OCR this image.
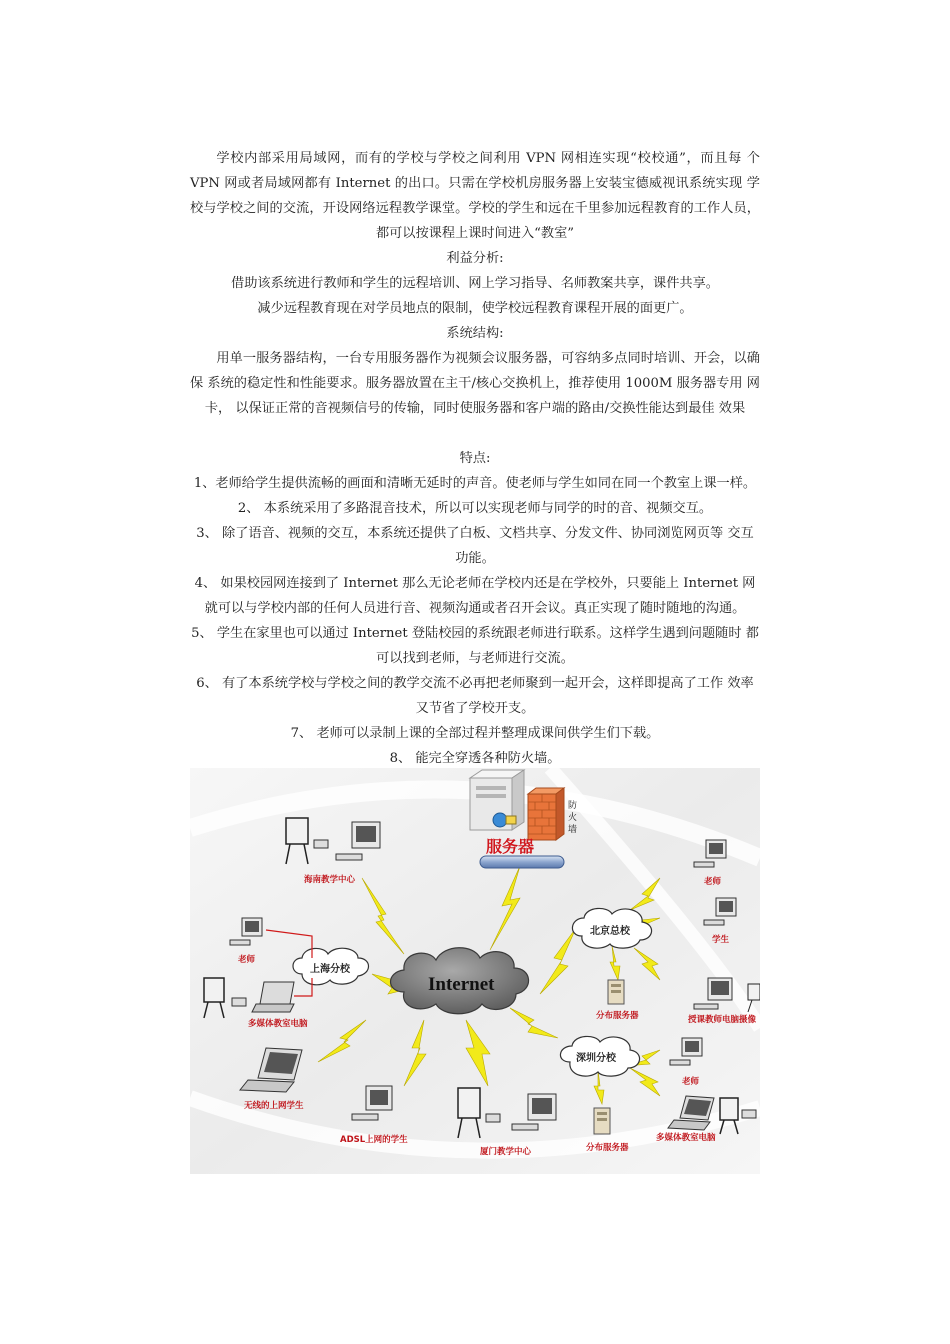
学校内部采用局域网，而有的学校与学校之间利用 VPN 网相连实现“校校通”，而且每 个 VPN 网或者局域网都有 Internet 的出口。只需在学校机房服务器上安装宝德威视讯系统实现 学校与学校之间的交流，开设网络远程教学课堂。学校的学生和远在千里参加远程教育的工作人员，都可以按课程上课时间进入“教室”

利益分析:

借助该系统进行教师和学生的远程培训、网上学习指导、名师教案共享，课件共享。

减少远程教育现在对学员地点的限制，使学校远程教育课程开展的面更广。

系统结构:

用单一服务器结构，一台专用服务器作为视频会议服务器，可容纳多点同时培训、开会，以确保 系统的稳定性和性能要求。服务器放置在主干/核心交换机上，推荐使用 1000M 服务器专用 网卡， 以保证正常的音视频信号的传输，同时使服务器和客户端的路由/交换性能达到最佳 效果

特点:

1、老师给学生提供流畅的画面和清晰无延时的声音。使老师与学生如同在同一个教室上课一样。

2、 本系统采用了多路混音技术，所以可以实现老师与同学的时的音、视频交互。

3、 除了语音、视频的交互，本系统还提供了白板、文档共享、分发文件、协同浏览网页等 交互 功能。

4、 如果校园网连接到了 Internet 那么无论老师在学校内还是在学校外，只要能上 Internet 网 就可以与学校内部的任何人员进行音、视频沟通或者召开会议。真正实现了随时随地的沟通。

5、 学生在家里也可以通过 Internet 登陆校园的系统跟老师进行联系。这样学生遇到问题随时 都可以找到老师，与老师进行交流。

6、 有了本系统学校与学校之间的教学交流不必再把老师聚到一起开会，这样即提高了工作 效率又节省了学校开支。

7、 老师可以录制上课的全部过程并整理成课间供学生们下载。

8、 能完全穿透各种防火墙。

防
火
墙
服务器
Internet
上海分校
北京总校
深圳分校
海南教学中心
老师
多媒体教室电脑
无线的上网学生
ADSL上网的学生
厦门教学中心
老师
学生
分布服务器	授课教师电脑摄像
老师
分布服务器
多媒体教室电脑
